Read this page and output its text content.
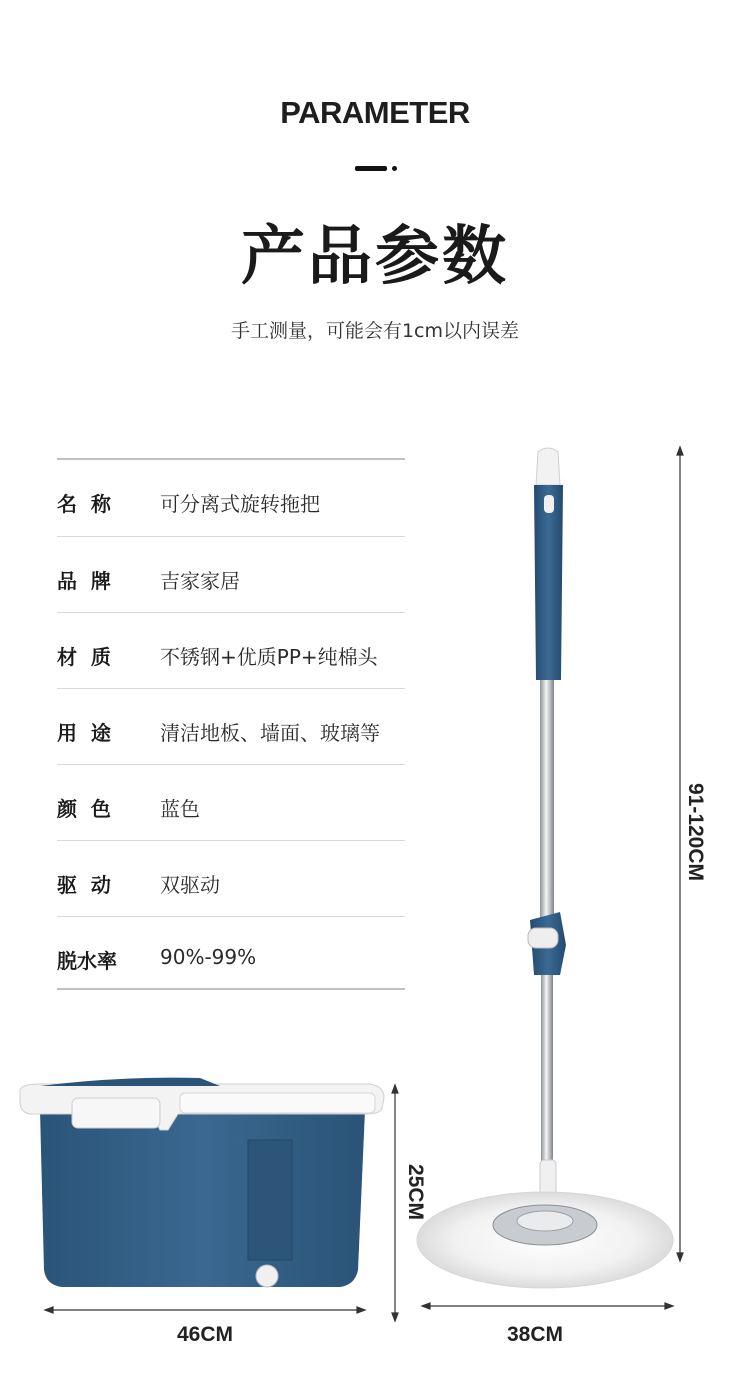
PARAMETER
产品参数
手工测量，可能会有1cm以内误差
名  称 可分离式旋转拖把
品  牌 吉家家居
材  质 不锈钢+优质PP+纯棉头
用  途 清洁地板、墙面、玻璃等
颜  色 蓝色
驱  动 双驱动
脱水率 90%-99%
91-120CM
25CM
46CM	38CM
